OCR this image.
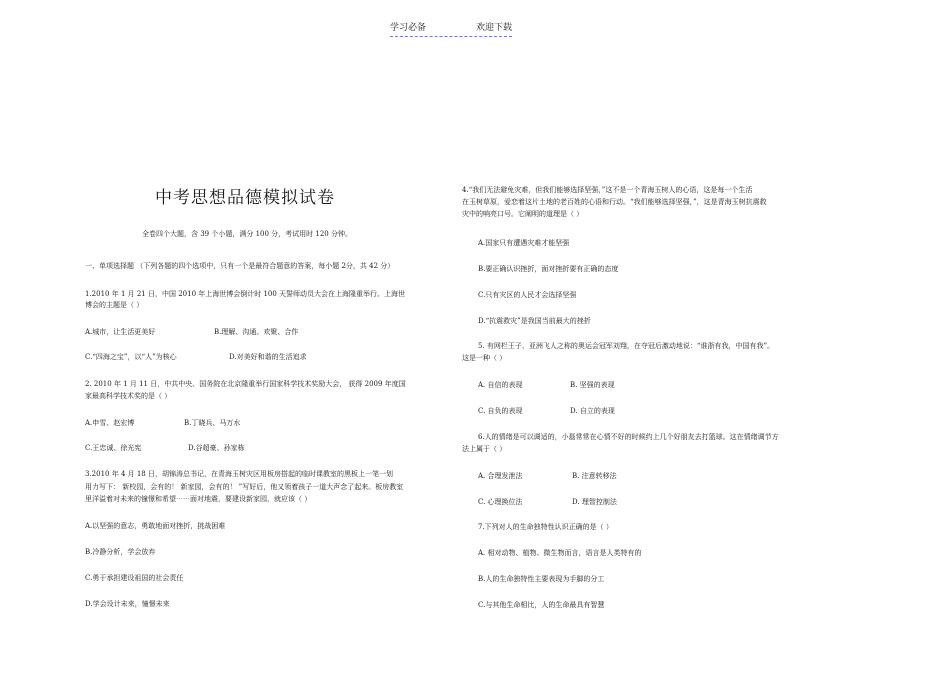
学习必备	欢迎下载
中考思想品德模拟试卷
全卷四个大题，含 39 个小题，满分 100 分，考试用时 120 分钟。
一、单项选择题 （下列各题的四个选项中，只有一个是最符合题意的答案，每小题 2分，共 42 分）
1.2010 年 1 月 21 日，中国 2010 年上海世博会倒计时 100 天誓师动员大会在上海隆重举行。上海世
博会的主题是（ ）
A.城市，让生活更美好	B.理解、沟通、欢聚、合作
C.“四海之宝”，以“人”为核心	D.对美好和谐的生活追求
2. 2010 年 1 月 11 日，中共中央、国务院在北京隆重举行国家科学技术奖励大会， 获得 2009 年度国
家最高科学技术奖的是（ ）
A.申雪、赵宏博	B.丁晓兵、马万水
C.王忠诚、徐光宪	D.谷超豪、孙家栋
3.2010 年 4 月 18 日，胡锦涛总书记，在青海玉树灾区用板房搭起的临时课教室的黑板上一笔一划
用力写下： 新校园，会有的！ 新家园，会有的！ ”写好后，他又领着孩子一道大声念了起来。板房教室
里洋溢着对未来的憧憬和希望⋯⋯面对地震，要建设新家园，就应该（ ）
A.以坚强的意志，勇敢地面对挫折，挑战困难
B.冷静分析，学会放弃
C.勇于承担建设祖国的社会责任
D.学会设计未来，憧憬未来
4.“我们无法避免灾难，但我们能够选择坚强，”这不是一个青海玉树人的心语，这是每一个生活
在玉树草原，爱恋着这片土地的老百姓的心语和行动。“我们能够选择坚强，”，这是青海玉树抗震救
灾中的响亮口号。它阐明的道理是（ ）
A.国家只有遭遇灾难才能坚强
B.要正确认识挫折，面对挫折要有正确的态度
C.只有灾区的人民才会选择坚强
D.“抗震救灾”是我国当前最大的挫折
5. 有网栏王子、亚洲飞人之称的奥运会冠军刘翔，在夺冠后激动地说：“谁浙有我，中国有我”。
这是一种（ ）
A. 自信的表现	B. 坚强的表现
C. 自负的表现	D. 自立的表现
6.人的情绪是可以调适的，小磊常常在心情不好的时候约上几个好朋友去打篮球。这在情绪调节方
法上属于（ ）
A. 合理发泄法	B. 注意转移法
C. 心理换位法	D. 理智控制法
7.下列对人的生命独特性认识正确的是（ ）
A. 相对动物、植物、微生物而言，语言是人类特有的
B.人的生命独特性主要表现为手脚的分工
C.与其他生命相比，人的生命最具有智慧
